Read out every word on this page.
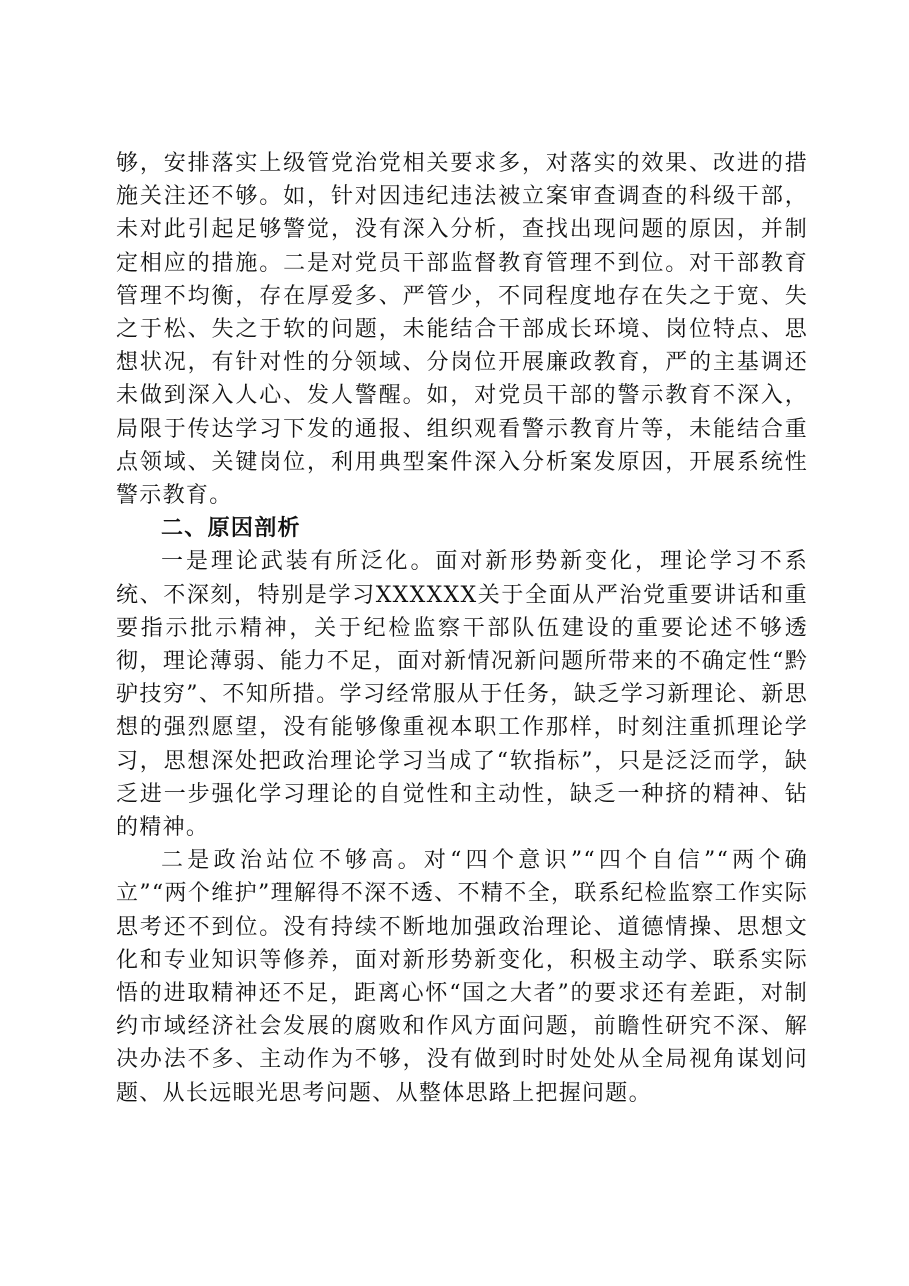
够，安排落实上级管党治党相关要求多，对落实的效果、改进的措施关注还不够。如，针对因违纪违法被立案审查调查的科级干部，未对此引起足够警觉，没有深入分析，查找出现问题的原因，并制定相应的措施。二是对党员干部监督教育管理不到位。对干部教育管理不均衡，存在厚爱多、严管少，不同程度地存在失之于宽、失之于松、失之于软的问题，未能结合干部成长环境、岗位特点、思想状况，有针对性的分领域、分岗位开展廉政教育，严的主基调还未做到深入人心、发人警醒。如，对党员干部的警示教育不深入，局限于传达学习下发的通报、组织观看警示教育片等，未能结合重点领域、关键岗位，利用典型案件深入分析案发原因，开展系统性警示教育。

二、原因剖析

一是理论武装有所泛化。面对新形势新变化，理论学习不系统、不深刻，特别是学习XXXXXX关于全面从严治党重要讲话和重要指示批示精神，关于纪检监察干部队伍建设的重要论述不够透彻，理论薄弱、能力不足，面对新情况新问题所带来的不确定性“黔驴技穷”、不知所措。学习经常服从于任务，缺乏学习新理论、新思想的强烈愿望，没有能够像重视本职工作那样，时刻注重抓理论学习，思想深处把政治理论学习当成了“软指标”，只是泛泛而学，缺乏进一步强化学习理论的自觉性和主动性，缺乏一种挤的精神、钻的精神。

二是政治站位不够高。对“四个意识”“四个自信”“两个确立”“两个维护”理解得不深不透、不精不全，联系纪检监察工作实际思考还不到位。没有持续不断地加强政治理论、道德情操、思想文化和专业知识等修养，面对新形势新变化，积极主动学、联系实际悟的进取精神还不足，距离心怀“国之大者”的要求还有差距，对制约市域经济社会发展的腐败和作风方面问题，前瞻性研究不深、解决办法不多、主动作为不够，没有做到时时处处从全局视角谋划问题、从长远眼光思考问题、从整体思路上把握问题。
